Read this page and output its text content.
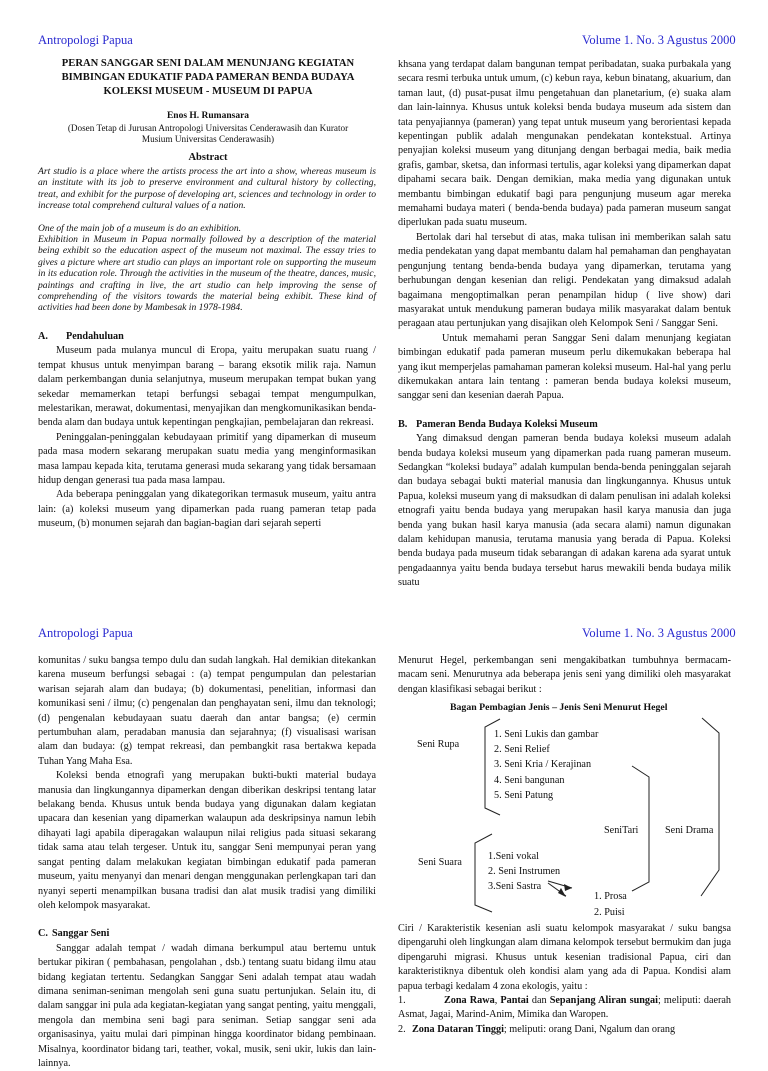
Antropologi Papua	Volume 1. No. 3 Agustus 2000
PERAN SANGGAR SENI DALAM MENUNJANG KEGIATAN
BIMBINGAN EDUKATIF PADA PAMERAN BENDA BUDAYA
KOLEKSI MUSEUM - MUSEUM DI PAPUA
Enos H. Rumansara
(Dosen Tetap di Jurusan Antropologi Universitas Cenderawasih dan Kurator Musium Universitas Cenderawasih)
Abstract

Art studio is a place where the artists process the art into a show, whereas museum is an institute with its job to preserve environment and cultural history by collecting, treat, and exhibit for the purpose of developing art, sciences and technology in order to increase total comprehend cultural values of a nation.

One of the main job of a museum is do an exhibition.

Exhibition in Museum in Papua normally followed by a description of the material being exhibit so the education aspect of the museum not maximal. The essay tries to gives a picture where art studio can plays an important role on supporting the museum in its education role. Through the activities in the museum of the theatre, dances, music, paintings and crafting in live, the art studio can help improving the sense of comprehending of the visitors towards the material being exhibit. These kind of activities had been done by Mambesak in 1978-1984.

A. Pendahuluan

Museum pada mulanya muncul di Eropa, yaitu merupakan suatu ruang / tempat khusus untuk menyimpan barang – barang eksotik milik raja. Namun dalam perkembangan dunia selanjutnya, museum merupakan tempat bukan yang sekedar memamerkan tetapi berfungsi sebagai tempat mengumpulkan, melestarikan, merawat, dokumentasi, menyajikan dan mengkomunikasikan benda-benda alam dan budaya untuk kepentingan pengkajian, pembelajaran dan rekreasi.

Peninggalan-peninggalan kebudayaan primitif yang dipamerkan di museum pada masa modern sekarang merupakan suatu media yang menginformasikan masa lampau kepada kita, terutama generasi muda sekarang yang tidak bersamaan hidup dengan generasi tua pada masa lampau.

Ada beberapa peninggalan yang dikategorikan termasuk museum, yaitu antra lain: (a) koleksi museum yang dipamerkan pada ruang pameran tetap pada museum, (b) monumen sejarah dan bagian-bagian dari sejarah seperti

khsana yang terdapat dalam bangunan tempat peribadatan, suaka purbakala yang secara resmi terbuka untuk umum, (c) kebun raya, kebun binatang, akuarium, dan taman laut, (d) pusat-pusat ilmu pengetahuan dan planetarium, (e) suaka alam dan lain-lainnya. Khusus untuk koleksi benda budaya museum ada sistem dan tata penyajiannya (pameran) yang tepat untuk museum yang berorientasi kepada kepentingan publik adalah mengunakan pendekatan kontekstual. Artinya penyajian koleksi museum yang ditunjang dengan berbagai media, baik media grafis, gambar, sketsa, dan informasi tertulis, agar koleksi yang dipamerkan dapat dipahami secara baik. Dengan demikian, maka media yang digunakan untuk membantu bimbingan edukatif bagi para pengunjung museum agar mereka memahami budaya materi ( benda-benda budaya) pada pameran museum sangat diperlukan pada suatu museum.

Bertolak dari hal tersebut di atas, maka tulisan ini memberikan salah satu media pendekatan yang dapat membantu dalam hal pemahaman dan penghayatan pengunjung tentang benda-benda budaya yang dipamerkan, terutama yang berhubungan dengan kesenian dan religi. Pendekatan yang dimaksud adalah bagaimana mengoptimalkan peran penampilan hidup ( live show) dari masyarakat untuk mendukung pameran budaya milik masyarakat dalam bentuk peragaan atau pertunjukan yang disajikan oleh Kelompok Seni / Sanggar Seni.

Untuk memahami peran Sanggar Seni dalam menunjang kegiatan bimbingan edukatif pada pameran museum perlu dikemukakan beberapa hal yang ikut memperjelas pamahaman pameran koleksi museum. Hal-hal yang perlu dikemukakan antara lain tentang : pameran benda budaya koleksi museum, sanggar seni dan kesenian daerah Papua.

B. Pameran Benda Budaya Koleksi Museum

Yang dimaksud dengan pameran benda budaya koleksi museum adalah benda budaya koleksi museum yang dipamerkan pada ruang pameran museum. Sedangkan “koleksi budaya” adalah kumpulan benda-benda peninggalan sejarah dan budaya sebagai bukti material manusia dan lingkungannya. Khusus untuk Papua, koleksi museum yang di maksudkan di dalam penulisan ini adalah koleksi etnografi yaitu benda budaya yang merupakan hasil karya manusia dan juga benda yang bukan hasil karya manusia (ada secara alami) namun digunakan dalam kehidupan manusia, terutama manusia yang berada di Papua. Koleksi benda budaya pada museum tidak sebarangan di adakan karena ada syarat untuk pengadaannya yaitu benda budaya tersebut harus mewakili benda budaya milik suatu

Antropologi Papua	Volume 1. No. 3 Agustus 2000

komunitas / suku bangsa tempo dulu dan sudah langkah. Hal demikian ditekankan karena museum berfungsi sebagai : (a) tempat pengumpulan dan pelestarian warisan sejarah alam dan budaya; (b) dokumentasi, penelitian, informasi dan komunikasi seni / ilmu; (c) pengenalan dan penghayatan seni, ilmu dan teknologi; (d) pengenalan kebudayaan suatu daerah dan antar bangsa; (e) cermin pertumbuhan alam, peradaban manusia dan sejarahnya; (f) visualisasi warisan alam dan budaya: (g) tempat rekreasi, dan pembangkit rasa bertakwa kepada Tuhan Yang Maha Esa.

Koleksi benda etnografi yang merupakan bukti-bukti material budaya manusia dan lingkungannya dipamerkan dengan diberikan deskripsi tentang latar belakang benda. Khusus untuk benda budaya yang digunakan dalam kegiatan upacara dan kesenian yang dipamerkan walaupun ada deskripsinya namun lebih dihayati lagi apabila diperagakan walaupun nilai religius pada situasi sekarang tidak sama atau telah tergeser. Untuk itu, sanggar Seni mempunyai peran yang sangat penting dalam melakukan kegiatan bimbingan edukatif pada pameran museum, yaitu menyanyi dan menari dengan menggunakan perlengkapan tari dan nyanyi seperti menampilkan busana tradisi dan alat musik tradisi yang dimiliki oleh kelompok masyarakat.

C. Sanggar Seni

Sanggar adalah tempat / wadah dimana berkumpul atau bertemu untuk bertukar pikiran ( pembahasan, pengolahan , dsb.) tentang suatu bidang ilmu atau bidang kegiatan tertentu. Sedangkan Sanggar Seni adalah tempat atau wadah dimana seniman-seniman mengolah seni guna suatu pertunjukan. Selain itu, di dalam sanggar ini pula ada kegiatan-kegiatan yang sangat penting, yaitu menggali, mengola dan membina seni bagi para seniman. Setiap sanggar seni ada organisasinya, yaitu mulai dari pimpinan hingga koordinator bidang pembinaan. Misalnya, koordinator bidang tari, teather, vokal, musik, seni ukir, lukis dan lain-lainnya.

Menurut Hegel, perkembangan seni mengakibatkan tumbuhnya bermacam-macam seni. Menurutnya ada beberapa jenis seni yang dimiliki oleh masyarakat dengan klasifikasi sebagai berikut :

Bagan Pembagian Jenis – Jenis Seni Menurut Hegel
Seni Rupa
1. Seni Lukis dan gambar
2. Seni Relief
3. Seni Kria / Kerajinan
4. Seni bangunan
5. Seni Patung
SeniTari	Seni Drama
Seni Suara
1.Seni vokal
2. Seni Instrumen
3.Seni Sastra
1. Prosa
2. Puisi

Ciri / Karakteristik kesenian asli suatu kelompok masyarakat / suku bangsa dipengaruhi oleh lingkungan alam dimana kelompok tersebut bermukim dan juga dipengaruhi migrasi. Khusus untuk kesenian tradisional Papua, ciri dan karakteristiknya dibentuk oleh kondisi alam yang ada di Papua. Kondisi alam papua terbagi kedalam 4 zona ekologis, yaitu :

1.	Zona Rawa, Pantai dan Sepanjang Aliran sungai; meliputi: daerah Asmat, Jagai, Marind-Anim, Mimika dan Waropen.

2. Zona Dataran Tinggi; meliputi: orang Dani, Ngalum dan orang
